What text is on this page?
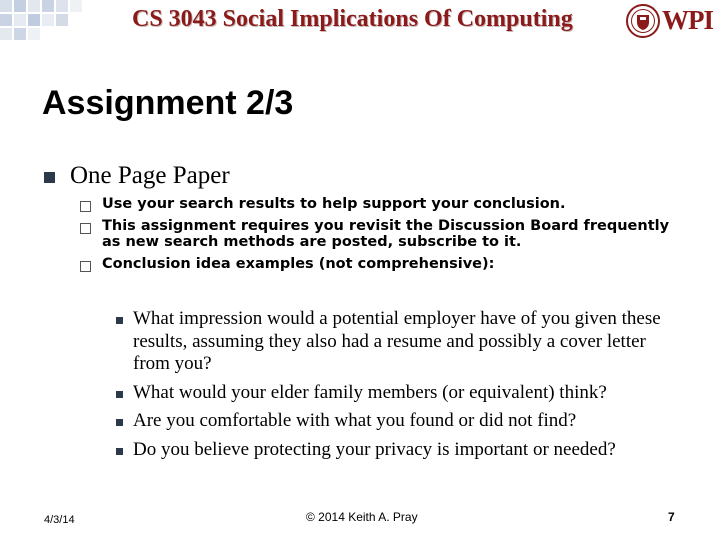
CS 3043 Social Implications Of Computing	WPI
Assignment 2/3
One Page Paper
Use your search results to help support your conclusion.
This assignment requires you revisit the Discussion Board frequently as new search methods are posted, subscribe to it.
Conclusion idea examples (not comprehensive):
What impression would a potential employer have of you given these results, assuming they also had a resume and possibly a cover letter from you?
What would your elder family members (or equivalent) think?
Are you comfortable with what you found or did not find?
Do you believe protecting your privacy is important or needed?
4/3/14	© 2014 Keith A. Pray	7
